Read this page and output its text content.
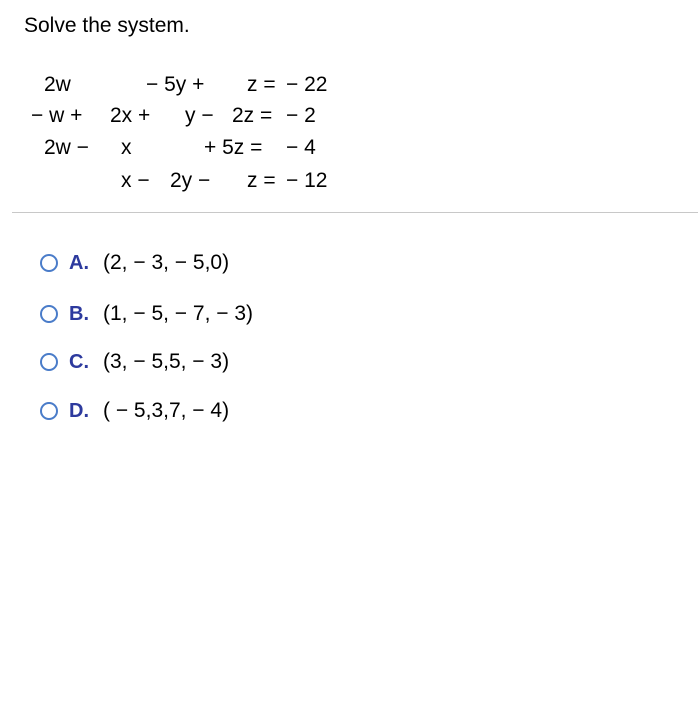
Solve the system.
2w	− 5y + z = − 22
− w + 2x + y − 2z = − 2
2w − x	+ 5z = − 4
x − 2y − z = − 12
A. (2, − 3, − 5,0)
B. (1, − 5, − 7, − 3)
C. (3, − 5,5, − 3)
D. ( − 5,3,7, − 4)
